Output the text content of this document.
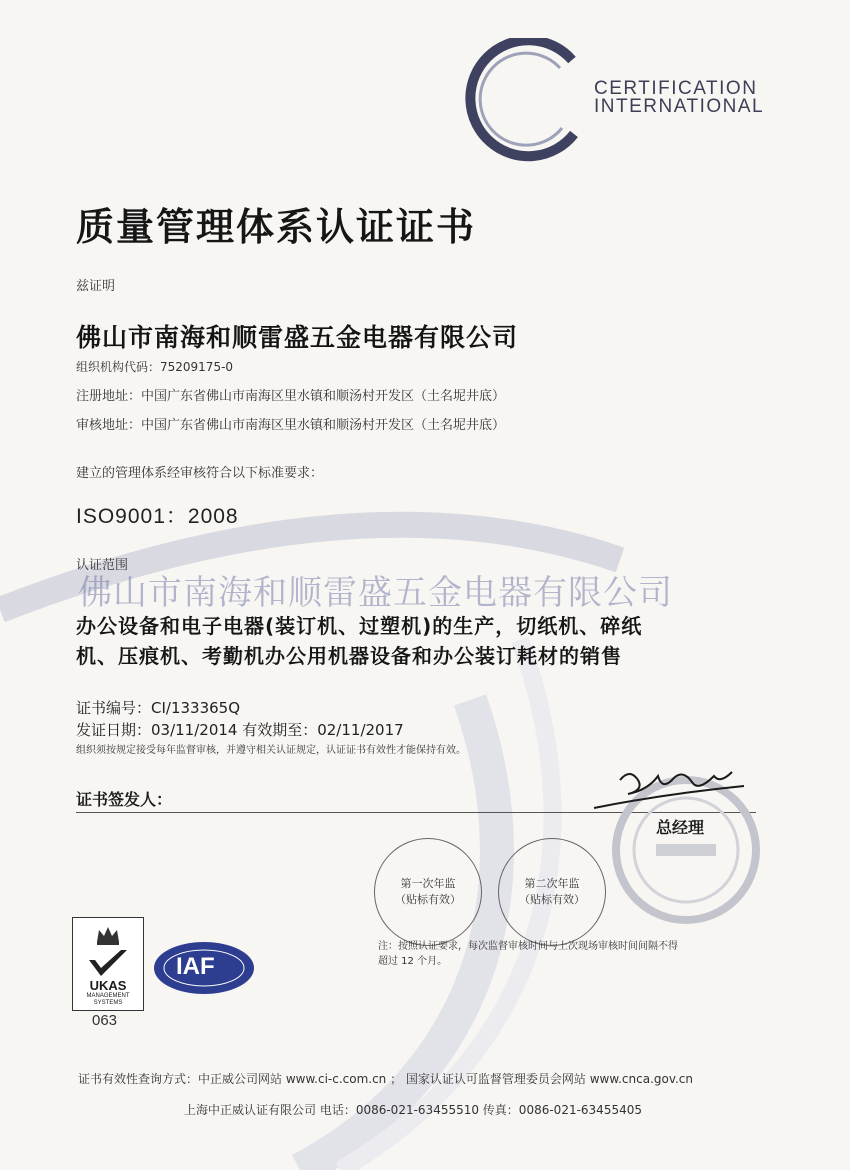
CERTIFICATION
INTERNATIONAL
质量管理体系认证证书
兹证明
佛山市南海和顺雷盛五金电器有限公司
组织机构代码：75209175-0
注册地址：中国广东省佛山市南海区里水镇和顺汤村开发区（土名坭井底）
审核地址：中国广东省佛山市南海区里水镇和顺汤村开发区（土名坭井底）
建立的管理体系经审核符合以下标准要求：
ISO9001：2008
认证范围
佛山市南海和顺雷盛五金电器有限公司
办公设备和电子电器(装订机、过塑机)的生产，切纸机、碎纸
机、压痕机、考勤机办公用机器设备和办公装订耗材的销售
证书编号：CI/133365Q
发证日期：03/11/2014 有效期至：02/11/2017
组织须按规定接受每年监督审核，并遵守相关认证规定，认证证书有效性才能保持有效。
证书签发人：
总经理
第一次年监
（贴标有效）
第二次年监
（贴标有效）
注：按照认证要求，每次监督审核时间与上次现场审核时间间隔不得
超过 12 个月。
UKAS
MANAGEMENT
SYSTEMS
063
IAF
证书有效性查询方式：中正威公司网站 www.ci-c.com.cn ； 国家认证认可监督管理委员会网站 www.cnca.gov.cn
上海中正威认证有限公司 电话：0086-021-63455510 传真：0086-021-63455405
